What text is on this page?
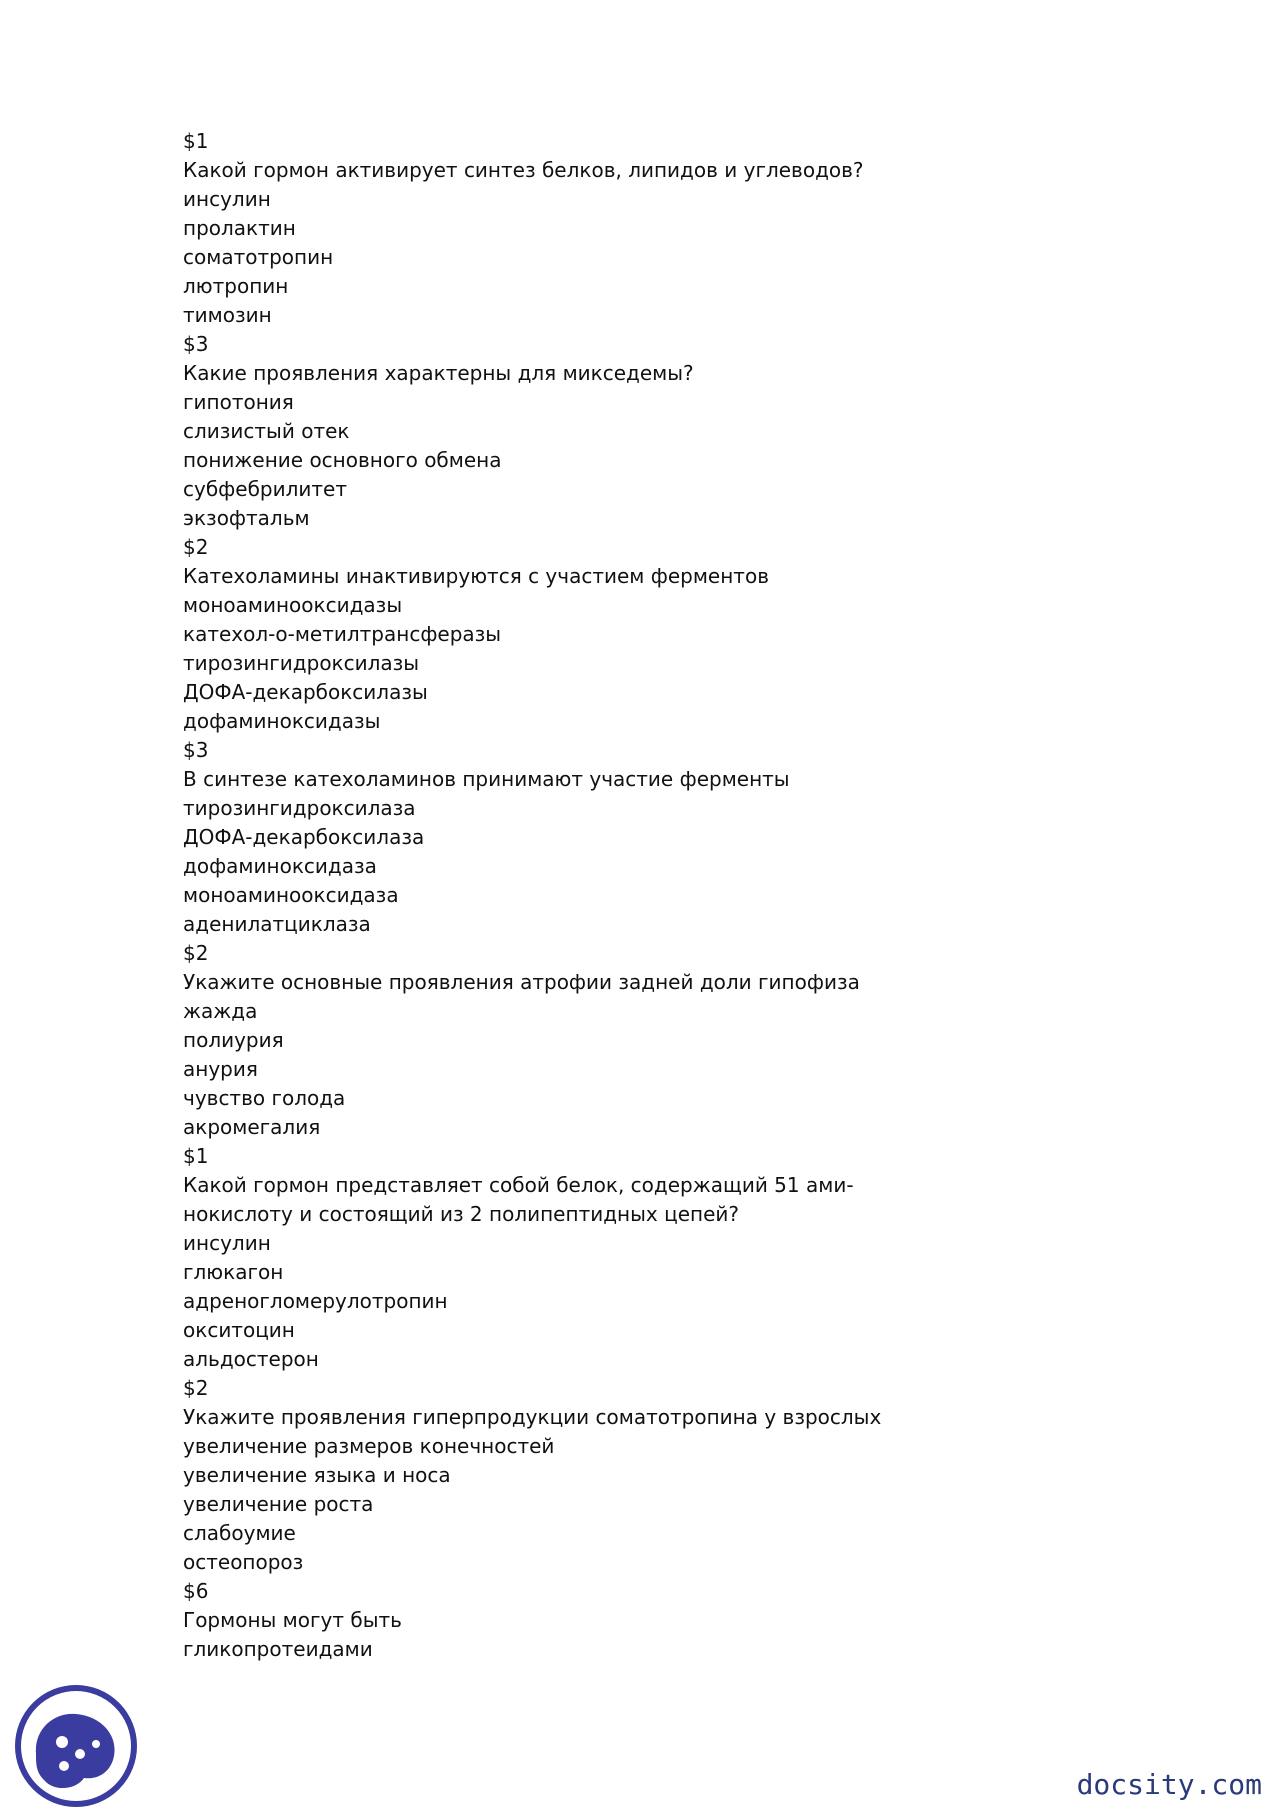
$1
Какой гормон активирует синтез белков, липидов и углеводов?
инсулин
пролактин
соматотропин
лютропин
тимозин
$3
Какие проявления характерны для микседемы?
гипотония
слизистый отек
понижение основного обмена
субфебрилитет
экзофтальм
$2
Катехоламины инактивируются с участием ферментов
моноаминооксидазы
катехол-о-метилтрансферазы
тирозингидроксилазы
ДОФА-декарбоксилазы
дофаминоксидазы
$3
В синтезе катехоламинов принимают участие ферменты
тирозингидроксилаза
ДОФА-декарбоксилаза
дофаминоксидаза
моноаминооксидаза
аденилатциклаза
$2
Укажите основные проявления атрофии задней доли гипофиза
жажда
полиурия
анурия
чувство голода
акромегалия
$1
Какой гормон представляет собой белок, содержащий 51 ами-
нокислоту и состоящий из 2 полипептидных цепей?
инсулин
глюкагон
адреногломерулотропин
окситоцин
альдостерон
$2
Укажите проявления гиперпродукции соматотропина у взрослых
увеличение размеров конечностей
увеличение языка и носа
увеличение роста
слабоумие
остеопороз
$6
Гормоны могут быть
гликопротеидами
docsity.com
